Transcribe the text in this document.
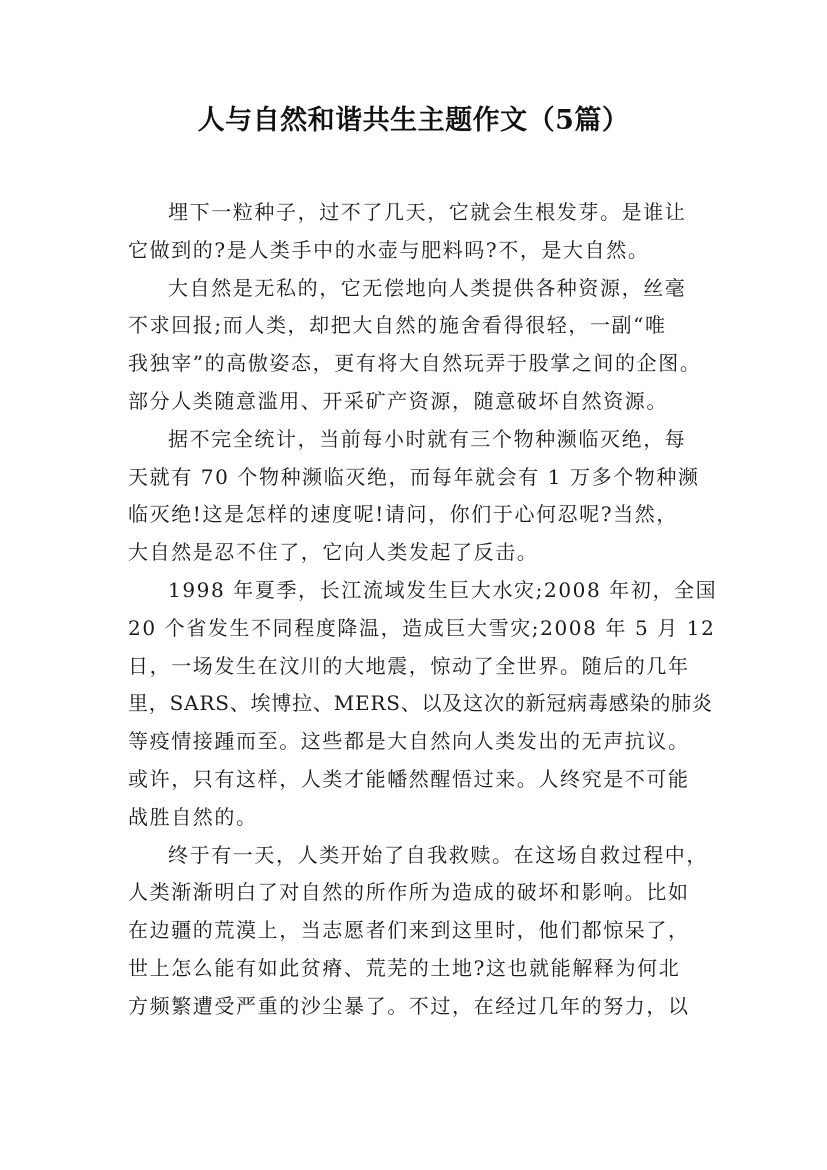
人与自然和谐共生主题作文（5篇）
埋下一粒种子，过不了几天，它就会生根发芽。是谁让
它做到的?是人类手中的水壶与肥料吗?不，是大自然。
大自然是无私的，它无偿地向人类提供各种资源，丝毫
不求回报;而人类，却把大自然的施舍看得很轻，一副“唯
我独宰”的高傲姿态，更有将大自然玩弄于股掌之间的企图。
部分人类随意滥用、开采矿产资源，随意破坏自然资源。
据不完全统计，当前每小时就有三个物种濒临灭绝，每
天就有 70 个物种濒临灭绝，而每年就会有 1 万多个物种濒
临灭绝!这是怎样的速度呢!请问，你们于心何忍呢?当然，
大自然是忍不住了，它向人类发起了反击。
1998 年夏季，长江流域发生巨大水灾;2008 年初，全国
20 个省发生不同程度降温，造成巨大雪灾;2008 年 5 月 12
日，一场发生在汶川的大地震，惊动了全世界。随后的几年
里，SARS、埃博拉、MERS、以及这次的新冠病毒感染的肺炎
等疫情接踵而至。这些都是大自然向人类发出的无声抗议。
或许，只有这样，人类才能幡然醒悟过来。人终究是不可能
战胜自然的。
终于有一天，人类开始了自我救赎。在这场自救过程中，
人类渐渐明白了对自然的所作所为造成的破坏和影响。比如
在边疆的荒漠上，当志愿者们来到这里时，他们都惊呆了，
世上怎么能有如此贫瘠、荒芜的土地?这也就能解释为何北
方频繁遭受严重的沙尘暴了。不过，在经过几年的努力，以
